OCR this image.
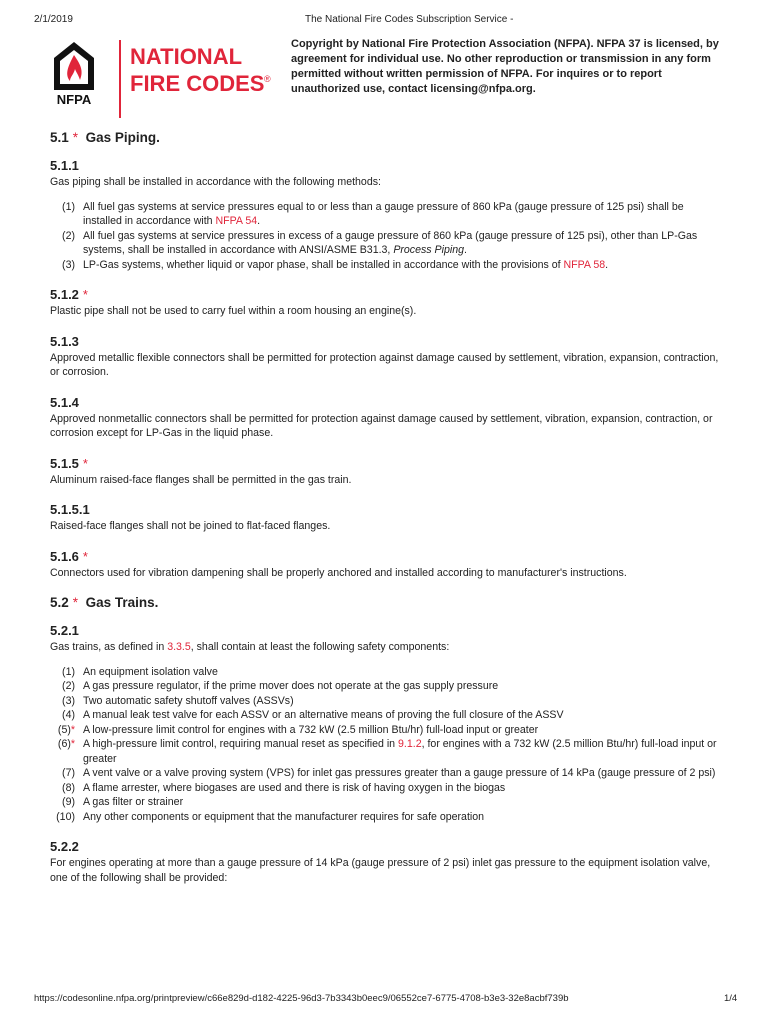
2/1/2019	The National Fire Codes Subscription Service -
NFPA
NATIONAL
FIRE CODES ®
Copyright by National Fire Protection Association (NFPA). NFPA 37 is licensed, by agreement for individual use. No other reproduction or transmission in any form permitted without written permission of NFPA. For inquires or to report unauthorized use, contact licensing@nfpa.org.
5.1 * Gas Piping.
5.1.1

Gas piping shall be installed in accordance with the following methods:

(1) All fuel gas systems at service pressures equal to or less than a gauge pressure of 860 kPa (gauge pressure of 125 psi) shall be installed in accordance with NFPA 54.
(2) All fuel gas systems at service pressures in excess of a gauge pressure of 860 kPa (gauge pressure of 125 psi), other than LP-Gas systems, shall be installed in accordance with ANSI/ASME B31.3, Process Piping.
(3) LP-Gas systems, whether liquid or vapor phase, shall be installed in accordance with the provisions of NFPA 58.
5.1.2 *

Plastic pipe shall not be used to carry fuel within a room housing an engine(s).

5.1.3

Approved metallic flexible connectors shall be permitted for protection against damage caused by settlement, vibration, expansion, contraction, or corrosion.

5.1.4

Approved nonmetallic connectors shall be permitted for protection against damage caused by settlement, vibration, expansion, contraction, or corrosion except for LP-Gas in the liquid phase.

5.1.5 *

Aluminum raised-face flanges shall be permitted in the gas train.

5.1.5.1

Raised-face flanges shall not be joined to flat-faced flanges.

5.1.6 *

Connectors used for vibration dampening shall be properly anchored and installed according to manufacturer's instructions.

5.2 * Gas Trains.
5.2.1

Gas trains, as defined in 3.3.5, shall contain at least the following safety components:

(1) An equipment isolation valve
(2) A gas pressure regulator, if the prime mover does not operate at the gas supply pressure
(3) Two automatic safety shutoff valves (ASSVs)
(4) A manual leak test valve for each ASSV or an alternative means of proving the full closure of the ASSV
(5)* A low-pressure limit control for engines with a 732 kW (2.5 million Btu/hr) full-load input or greater
(6)* A high-pressure limit control, requiring manual reset as specified in 9.1.2, for engines with a 732 kW (2.5 million Btu/hr) full-load input or greater
(7) A vent valve or a valve proving system (VPS) for inlet gas pressures greater than a gauge pressure of 14 kPa (gauge pressure of 2 psi)
(8) A flame arrester, where biogases are used and there is risk of having oxygen in the biogas
(9) A gas filter or strainer
(10) Any other components or equipment that the manufacturer requires for safe operation
5.2.2

For engines operating at more than a gauge pressure of 14 kPa (gauge pressure of 2 psi) inlet gas pressure to the equipment isolation valve, one of the following shall be provided:

https://codesonline.nfpa.org/printpreview/c66e829d-d182-4225-96d3-7b3343b0eec9/06552ce7-6775-4708-b3e3-32e8acbf739b	1/4
